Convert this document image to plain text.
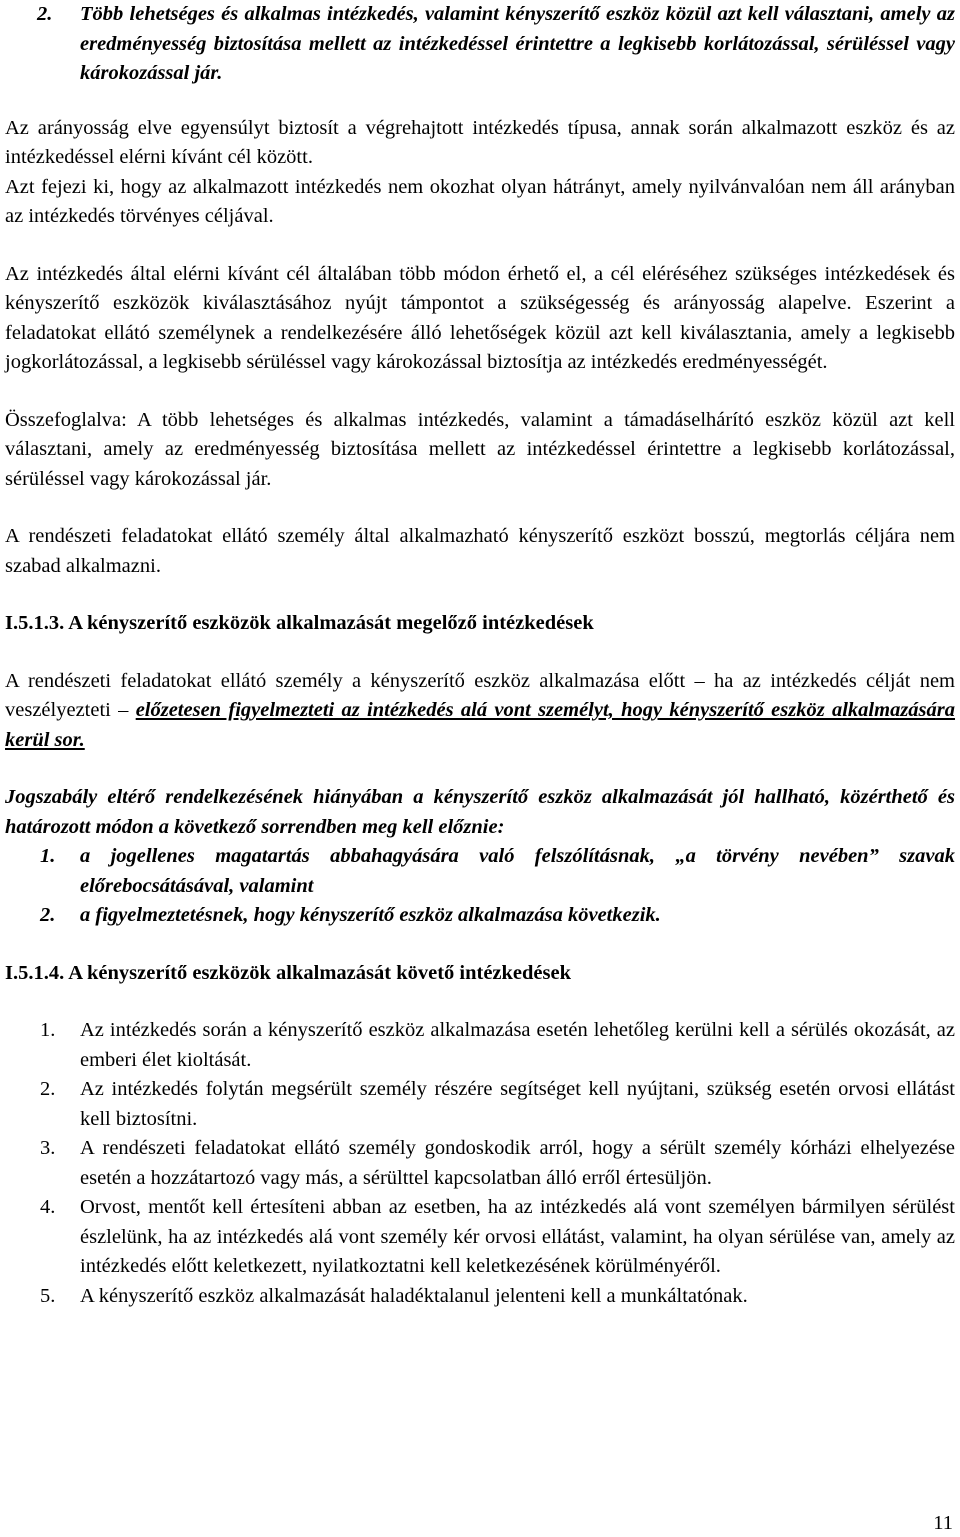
2. Több lehetséges és alkalmas intézkedés, valamint kényszerítő eszköz közül azt kell választani, amely az eredményesség biztosítása mellett az intézkedéssel érintettre a legkisebb korlátozással, sérüléssel vagy károkozással jár.

Az arányosság elve egyensúlyt biztosít a végrehajtott intézkedés típusa, annak során alkalmazott eszköz és az intézkedéssel elérni kívánt cél között.

Azt fejezi ki, hogy az alkalmazott intézkedés nem okozhat olyan hátrányt, amely nyilvánvalóan nem áll arányban az intézkedés törvényes céljával.

Az intézkedés által elérni kívánt cél általában több módon érhető el, a cél eléréséhez szükséges intézkedések és kényszerítő eszközök kiválasztásához nyújt támpontot a szükségesség és arányosság alapelve. Eszerint a feladatokat ellátó személynek a rendelkezésére álló lehetőségek közül azt kell kiválasztania, amely a legkisebb jogkorlátozással, a legkisebb sérüléssel vagy károkozással biztosítja az intézkedés eredményességét.

Összefoglalva: A több lehetséges és alkalmas intézkedés, valamint a támadáselhárító eszköz közül azt kell választani, amely az eredményesség biztosítása mellett az intézkedéssel érintettre a legkisebb korlátozással, sérüléssel vagy károkozással jár.

A rendészeti feladatokat ellátó személy által alkalmazható kényszerítő eszközt bosszú, megtorlás céljára nem szabad alkalmazni.

I.5.1.3. A kényszerítő eszközök alkalmazását megelőző intézkedések

A rendészeti feladatokat ellátó személy a kényszerítő eszköz alkalmazása előtt – ha az intézkedés célját nem veszélyezteti – előzetesen figyelmezteti az intézkedés alá vont személyt, hogy kényszerítő eszköz alkalmazására kerül sor.

Jogszabály eltérő rendelkezésének hiányában a kényszerítő eszköz alkalmazását jól hallható, közérthető és határozott módon a következő sorrendben meg kell előznie:

1. a jogellenes magatartás abbahagyására való felszólításnak, „a törvény nevében” szavak előrebocsátásával, valamint
2. a figyelmeztetésnek, hogy kényszerítő eszköz alkalmazása következik.

I.5.1.4. A kényszerítő eszközök alkalmazását követő intézkedések

1. Az intézkedés során a kényszerítő eszköz alkalmazása esetén lehetőleg kerülni kell a sérülés okozását, az emberi élet kioltását.
2. Az intézkedés folytán megsérült személy részére segítséget kell nyújtani, szükség esetén orvosi ellátást kell biztosítni.
3. A rendészeti feladatokat ellátó személy gondoskodik arról, hogy a sérült személy kórházi elhelyezése esetén a hozzátartozó vagy más, a sérülttel kapcsolatban álló erről értesüljön.
4. Orvost, mentőt kell értesíteni abban az esetben, ha az intézkedés alá vont személyen bármilyen sérülést észlelünk, ha az intézkedés alá vont személy kér orvosi ellátást, valamint, ha olyan sérülése van, amely az intézkedés előtt keletkezett, nyilatkoztatni kell keletkezésének körülményéről.
5. A kényszerítő eszköz alkalmazását haladéktalanul jelenteni kell a munkáltatónak.
11
